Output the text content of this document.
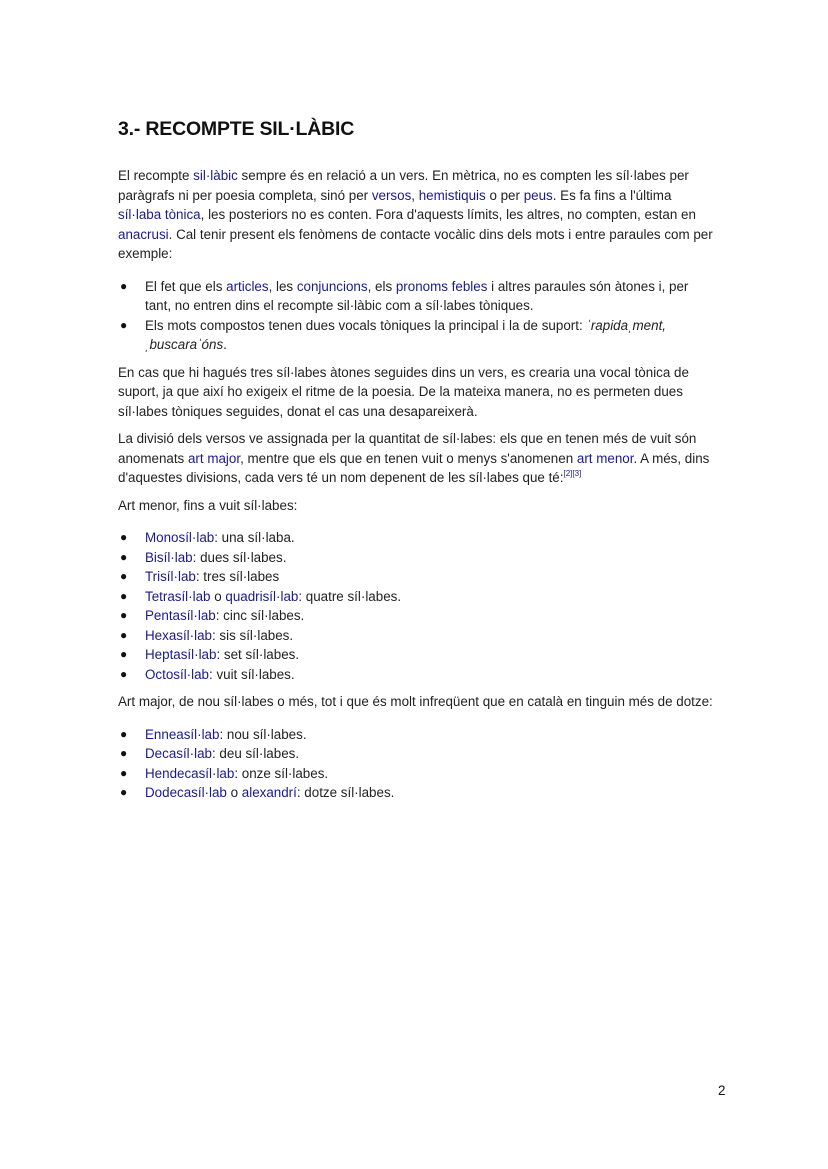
3.- RECOMPTE SIL·LÀBIC

El recompte sil·làbic sempre és en relació a un vers. En mètrica, no es compten les síl·labes per paràgrafs ni per poesia completa, sinó per versos, hemistiquis o per peus. Es fa fins a l'última síl·laba tònica, les posteriors no es conten. Fora d'aquests límits, les altres, no compten, estan en anacrusi. Cal tenir present els fenòmens de contacte vocàlic dins dels mots i entre paraules com per exemple:

● El fet que els articles, les conjuncions, els pronoms febles i altres paraules són àtones i, per tant, no entren dins el recompte sil·làbic com a síl·labes tòniques.
● Els mots compostos tenen dues vocals tòniques la principal i la de suport: ˈrapidaˌment, ˌbuscaraˈóns.

En cas que hi hagués tres síl·labes àtones seguides dins un vers, es crearia una vocal tònica de suport, ja que així ho exigeix el ritme de la poesia. De la mateixa manera, no es permeten dues síl·labes tòniques seguides, donat el cas una desapareixerà.

La divisió dels versos ve assignada per la quantitat de síl·labes: els que en tenen més de vuit són anomenats art major, mentre que els que en tenen vuit o menys s'anomenen art menor. A més, dins d'aquestes divisions, cada vers té un nom depenent de les síl·labes que té:[2][3]

Art menor, fins a vuit síl·labes:

● Monosíl·lab: una síl·laba.
● Bisíl·lab: dues síl·labes.
● Trisíl·lab: tres síl·labes
● Tetrasíl·lab o quadrisíl·lab: quatre síl·labes.
● Pentasíl·lab: cinc síl·labes.
● Hexasíl·lab: sis síl·labes.
● Heptasíl·lab: set síl·labes.
● Octosíl·lab: vuit síl·labes.

Art major, de nou síl·labes o més, tot i que és molt infreqüent que en català en tinguin més de dotze:

● Enneasíl·lab: nou síl·labes.
● Decasíl·lab: deu síl·labes.
● Hendecasíl·lab: onze síl·labes.
● Dodecasíl·lab o alexandrí: dotze síl·labes.
2
